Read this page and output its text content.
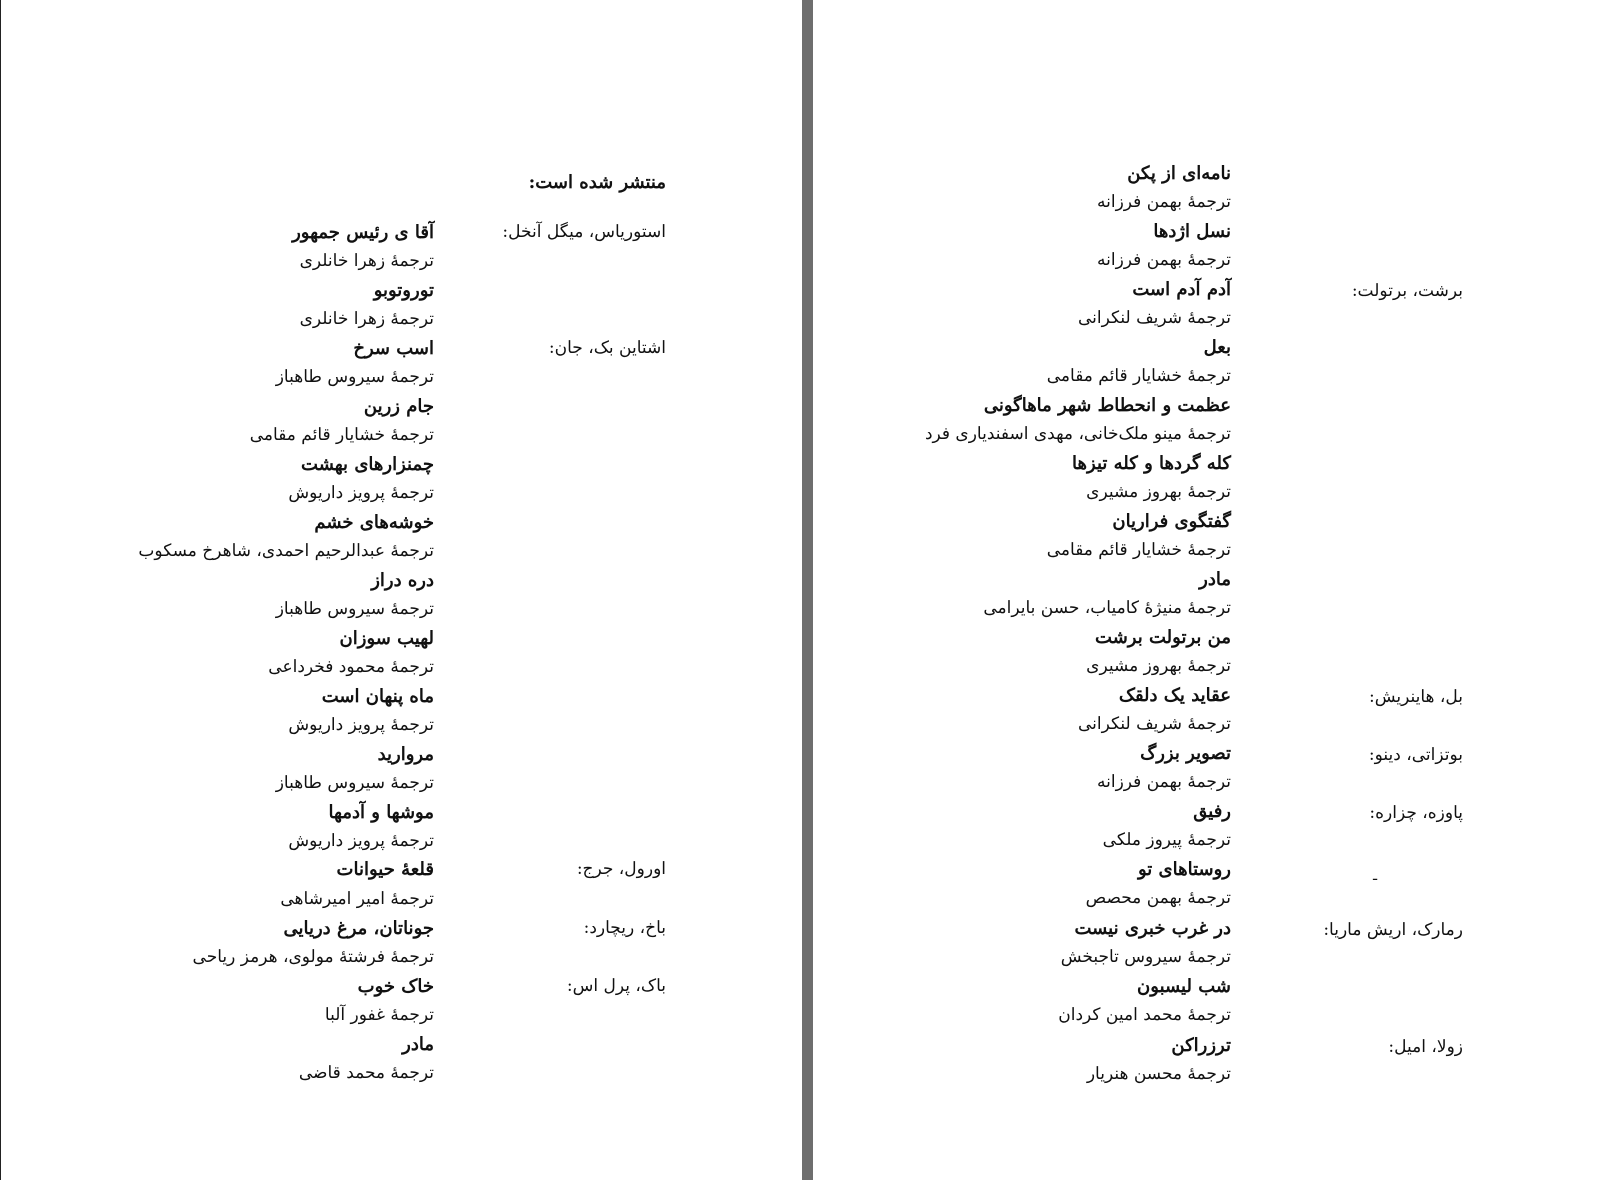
منتشر شده است:
استوریاس، میگل آنخل:
اشتاین بک، جان:
اورول، جرج:
باخ، ریچارد:
باک، پرل اس:
آقا ی رئیس جمهور
ترجمهٔ زهرا خانلری
توروتوبو
ترجمهٔ زهرا خانلری
اسب سرخ
ترجمهٔ سیروس طاهباز
جام زرین
ترجمهٔ خشایار قائم مقامی
چمنزارهای بهشت
ترجمهٔ پرویز داریوش
خوشه‌های خشم
ترجمهٔ عبدالرحیم احمدی، شاهرخ مسکوب
دره دراز
ترجمهٔ سیروس طاهباز
لهیب سوزان
ترجمهٔ محمود فخرداعی
ماه پنهان است
ترجمهٔ پرویز داریوش
مروارید
ترجمهٔ سیروس طاهباز
موشها و آدمها
ترجمهٔ پرویز داریوش
قلعهٔ حیوانات
ترجمهٔ امیر امیرشاهی
جوناتان، مرغ دریایی
ترجمهٔ فرشتهٔ مولوی، هرمز ریاحی
خاک خوب
ترجمهٔ غفور آلبا
مادر
ترجمهٔ محمد قاضی
برشت، برتولت:
بل، هاینریش:
بوتزاتی، دینو:
پاوزه، چزاره:
ـ
رمارک، اریش ماریا:
زولا، امیل:
نامه‌ای از پکن
ترجمهٔ بهمن فرزانه
نسل اژدها
ترجمهٔ بهمن فرزانه
آدم آدم است
ترجمهٔ شریف لنکرانی
بعل
ترجمهٔ خشایار قائم مقامی
عظمت و انحطاط شهر ماهاگونی
ترجمهٔ مینو ملک‌خانی، مهدی اسفندیاری فرد
کله گردها و کله تیزها
ترجمهٔ بهروز مشیری
گفتگوی فراریان
ترجمهٔ خشایار قائم مقامی
مادر
ترجمهٔ منیژهٔ کامیاب، حسن بایرامی
من برتولت برشت
ترجمهٔ بهروز مشیری
عقاید یک دلقک
ترجمهٔ شریف لنکرانی
تصویر بزرگ
ترجمهٔ بهمن فرزانه
رفیق
ترجمهٔ پیروز ملکی
روستاهای تو
ترجمهٔ بهمن محصص
در غرب خبری نیست
ترجمهٔ سیروس تاجبخش
شب لیسبون
ترجمهٔ محمد امین کردان
ترزراکن
ترجمهٔ محسن هنریار
